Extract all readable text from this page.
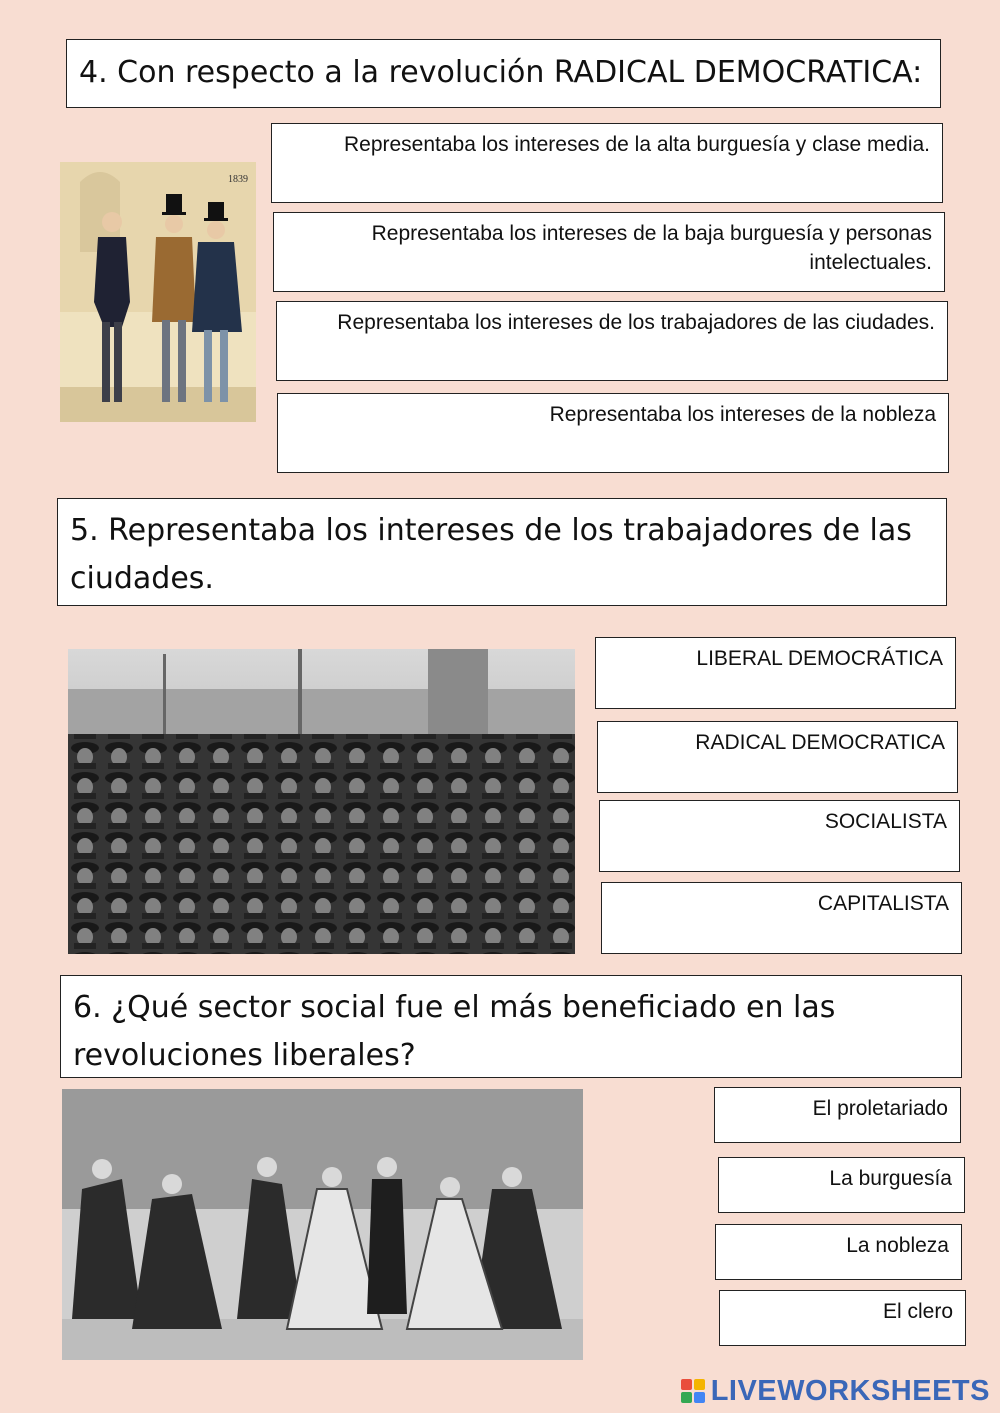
4. Con respecto a la revolución RADICAL DEMOCRATICA:
1839
Representaba los intereses de la alta burguesía y clase media.
Representaba los intereses de la baja burguesía y personas intelectuales.
Representaba los intereses de los trabajadores de las ciudades.
Representaba los intereses de la nobleza
5. Representaba los intereses de los trabajadores de las ciudades.
LIBERAL DEMOCRÁTICA
RADICAL DEMOCRATICA
SOCIALISTA
CAPITALISTA
6. ¿Qué sector social fue el más beneficiado en las revoluciones liberales?
El proletariado
La burguesía
La nobleza
El clero
LIVEWORKSHEETS
